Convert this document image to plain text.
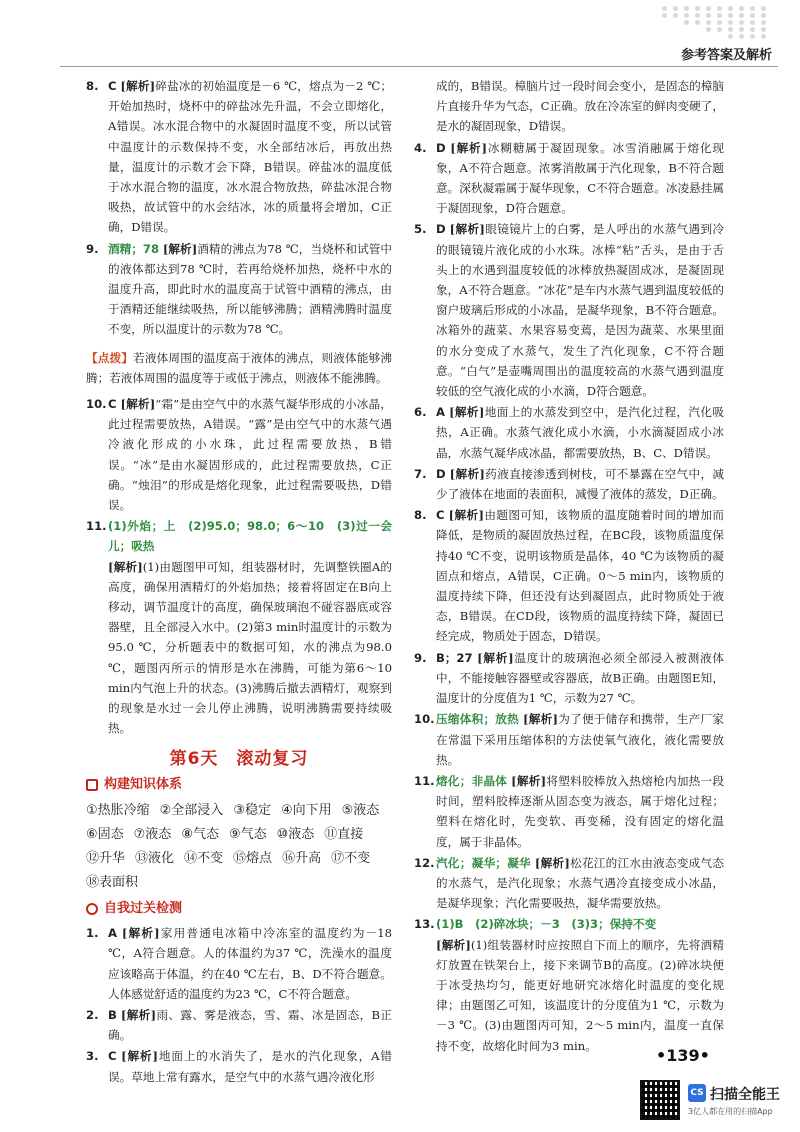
参考答案及解析
8. C [解析]碎盐冰的初始温度是－6 ℃，熔点为－2 ℃；开始加热时，烧杯中的碎盐冰先升温，不会立即熔化，A错误。冰水混合物中的水凝固时温度不变，所以试管中温度计的示数保持不变，水全部结冰后，再放出热量，温度计的示数才会下降，B错误。碎盐冰的温度低于冰水混合物的温度，冰水混合物放热，碎盐冰混合物吸热，故试管中的水会结冰，冰的质量将会增加，C正确，D错误。
9. 酒精；78 [解析]酒精的沸点为78 ℃，当烧杯和试管中的液体都达到78 ℃时，若再给烧杯加热，烧杯中水的温度升高，即此时水的温度高于试管中酒精的沸点，由于酒精还能继续吸热，所以能够沸腾；酒精沸腾时温度不变，所以温度计的示数为78 ℃。
【点拨】若液体周围的温度高于液体的沸点，则液体能够沸腾；若液体周围的温度等于或低于沸点，则液体不能沸腾。
10. C [解析]“霜”是由空气中的水蒸气凝华形成的小冰晶，此过程需要放热，A错误。“露”是由空气中的水蒸气遇冷液化形成的小水珠，此过程需要放热，B错误。“冰”是由水凝固形成的，此过程需要放热，C正确。“烛泪”的形成是熔化现象，此过程需要吸热，D错误。
11. (1)外焰；上　(2)95.0；98.0；6～10　(3)过一会儿；吸热
[解析](1)由题图甲可知，组装器材时，先调整铁圈A的高度，确保用酒精灯的外焰加热；接着将固定在B向上移动，调节温度计的高度，确保玻璃泡不碰容器底或容器壁，且全部浸入水中。(2)第3 min时温度计的示数为95.0 ℃，分析题表中的数据可知，水的沸点为98.0 ℃，题图丙所示的情形是水在沸腾，可能为第6～10 min内气泡上升的状态。(3)沸腾后撤去酒精灯，观察到的现象是水过一会儿停止沸腾，说明沸腾需要持续吸热。
第6天　滚动复习
构建知识体系
①热胀冷缩 ②全部浸入 ③稳定 ④向下用 ⑤液态
⑥固态 ⑦液态 ⑧气态 ⑨气态 ⑩液态 ⑪直接
⑫升华 ⑬液化 ⑭不变 ⑮熔点 ⑯升高 ⑰不变
⑱表面积
自我过关检测
1. A [解析]家用普通电冰箱中冷冻室的温度约为－18 ℃，A符合题意。人的体温约为37 ℃，洗澡水的温度应该略高于体温，约在40 ℃左右，B、D不符合题意。人体感觉舒适的温度约为23 ℃，C不符合题意。
2. B [解析]雨、露、雾是液态，雪、霜、冰是固态，B正确。
3. C [解析]地面上的水消失了，是水的汽化现象，A错误。草地上常有露水，是空气中的水蒸气遇冷液化形
成的，B错误。樟脑片过一段时间会变小，是固态的樟脑片直接升华为气态，C正确。放在冷冻室的鲜肉变硬了，是水的凝固现象，D错误。
4. D [解析]冰糊糖属于凝固现象。冰雪消融属于熔化现象，A不符合题意。浓雾消散属于汽化现象，B不符合题意。深秋凝霜属于凝华现象，C不符合题意。冰凌悬挂属于凝固现象，D符合题意。
5. D [解析]眼镜镜片上的白雾，是人呼出的水蒸气遇到冷的眼镜镜片液化成的小水珠。冰棒“粘”舌头，是由于舌头上的水遇到温度较低的冰棒放热凝固成冰，是凝固现象，A不符合题意。“冰花”是车内水蒸气遇到温度较低的窗户玻璃后形成的小冰晶，是凝华现象，B不符合题意。冰箱外的蔬菜、水果容易变蔫，是因为蔬菜、水果里面的水分变成了水蒸气，发生了汽化现象，C不符合题意。“白气”是壶嘴周围出的温度较高的水蒸气遇到温度较低的空气液化成的小水滴，D符合题意。
6. A [解析]地面上的水蒸发到空中，是汽化过程，汽化吸热，A正确。水蒸气液化成小水滴，小水滴凝固成小冰晶，水蒸气凝华成冰晶，都需要放热，B、C、D错误。
7. D [解析]药液直接渗透到树枝，可不暴露在空气中，减少了液体在地面的表面积，减慢了液体的蒸发，D正确。
8. C [解析]由题图可知，该物质的温度随着时间的增加而降低，是物质的凝固放热过程，在BC段，该物质温度保持40 ℃不变，说明该物质是晶体，40 ℃为该物质的凝固点和熔点，A错误，C正确。0～5 min内，该物质的温度持续下降，但还没有达到凝固点，此时物质处于液态，B错误。在CD段，该物质的温度持续下降，凝固已经完成，物质处于固态，D错误。
9. B；27 [解析]温度计的玻璃泡必须全部浸入被测液体中，不能接触容器壁或容器底，故B正确。由题图E知，温度计的分度值为1 ℃，示数为27 ℃。
10. 压缩体积；放热 [解析]为了便于储存和携带，生产厂家在常温下采用压缩体积的方法使氧气液化，液化需要放热。
11. 熔化；非晶体 [解析]将塑料胶棒放入热熔枪内加热一段时间，塑料胶棒逐渐从固态变为液态，属于熔化过程；塑料在熔化时，先变软、再变稀，没有固定的熔化温度，属于非晶体。
12. 汽化；凝华；凝华 [解析]松花江的江水由液态变成气态的水蒸气，是汽化现象；水蒸气遇冷直接变成小冰晶，是凝华现象；汽化需要吸热，凝华需要放热。
13. (1)B　(2)碎冰块；－3　(3)3；保持不变
[解析](1)组装器材时应按照自下而上的顺序，先将酒精灯放置在铁架台上，接下来调节B的高度。(2)碎冰块便于冰受热均匀，能更好地研究冰熔化时温度的变化规律；由题图乙可知，该温度计的分度值为1 ℃，示数为－3 ℃。(3)由题图丙可知，2～5 min内，温度一直保持不变，故熔化时间为3 min。
•139•
CS 扫描全能王
3亿人都在用的扫描App
